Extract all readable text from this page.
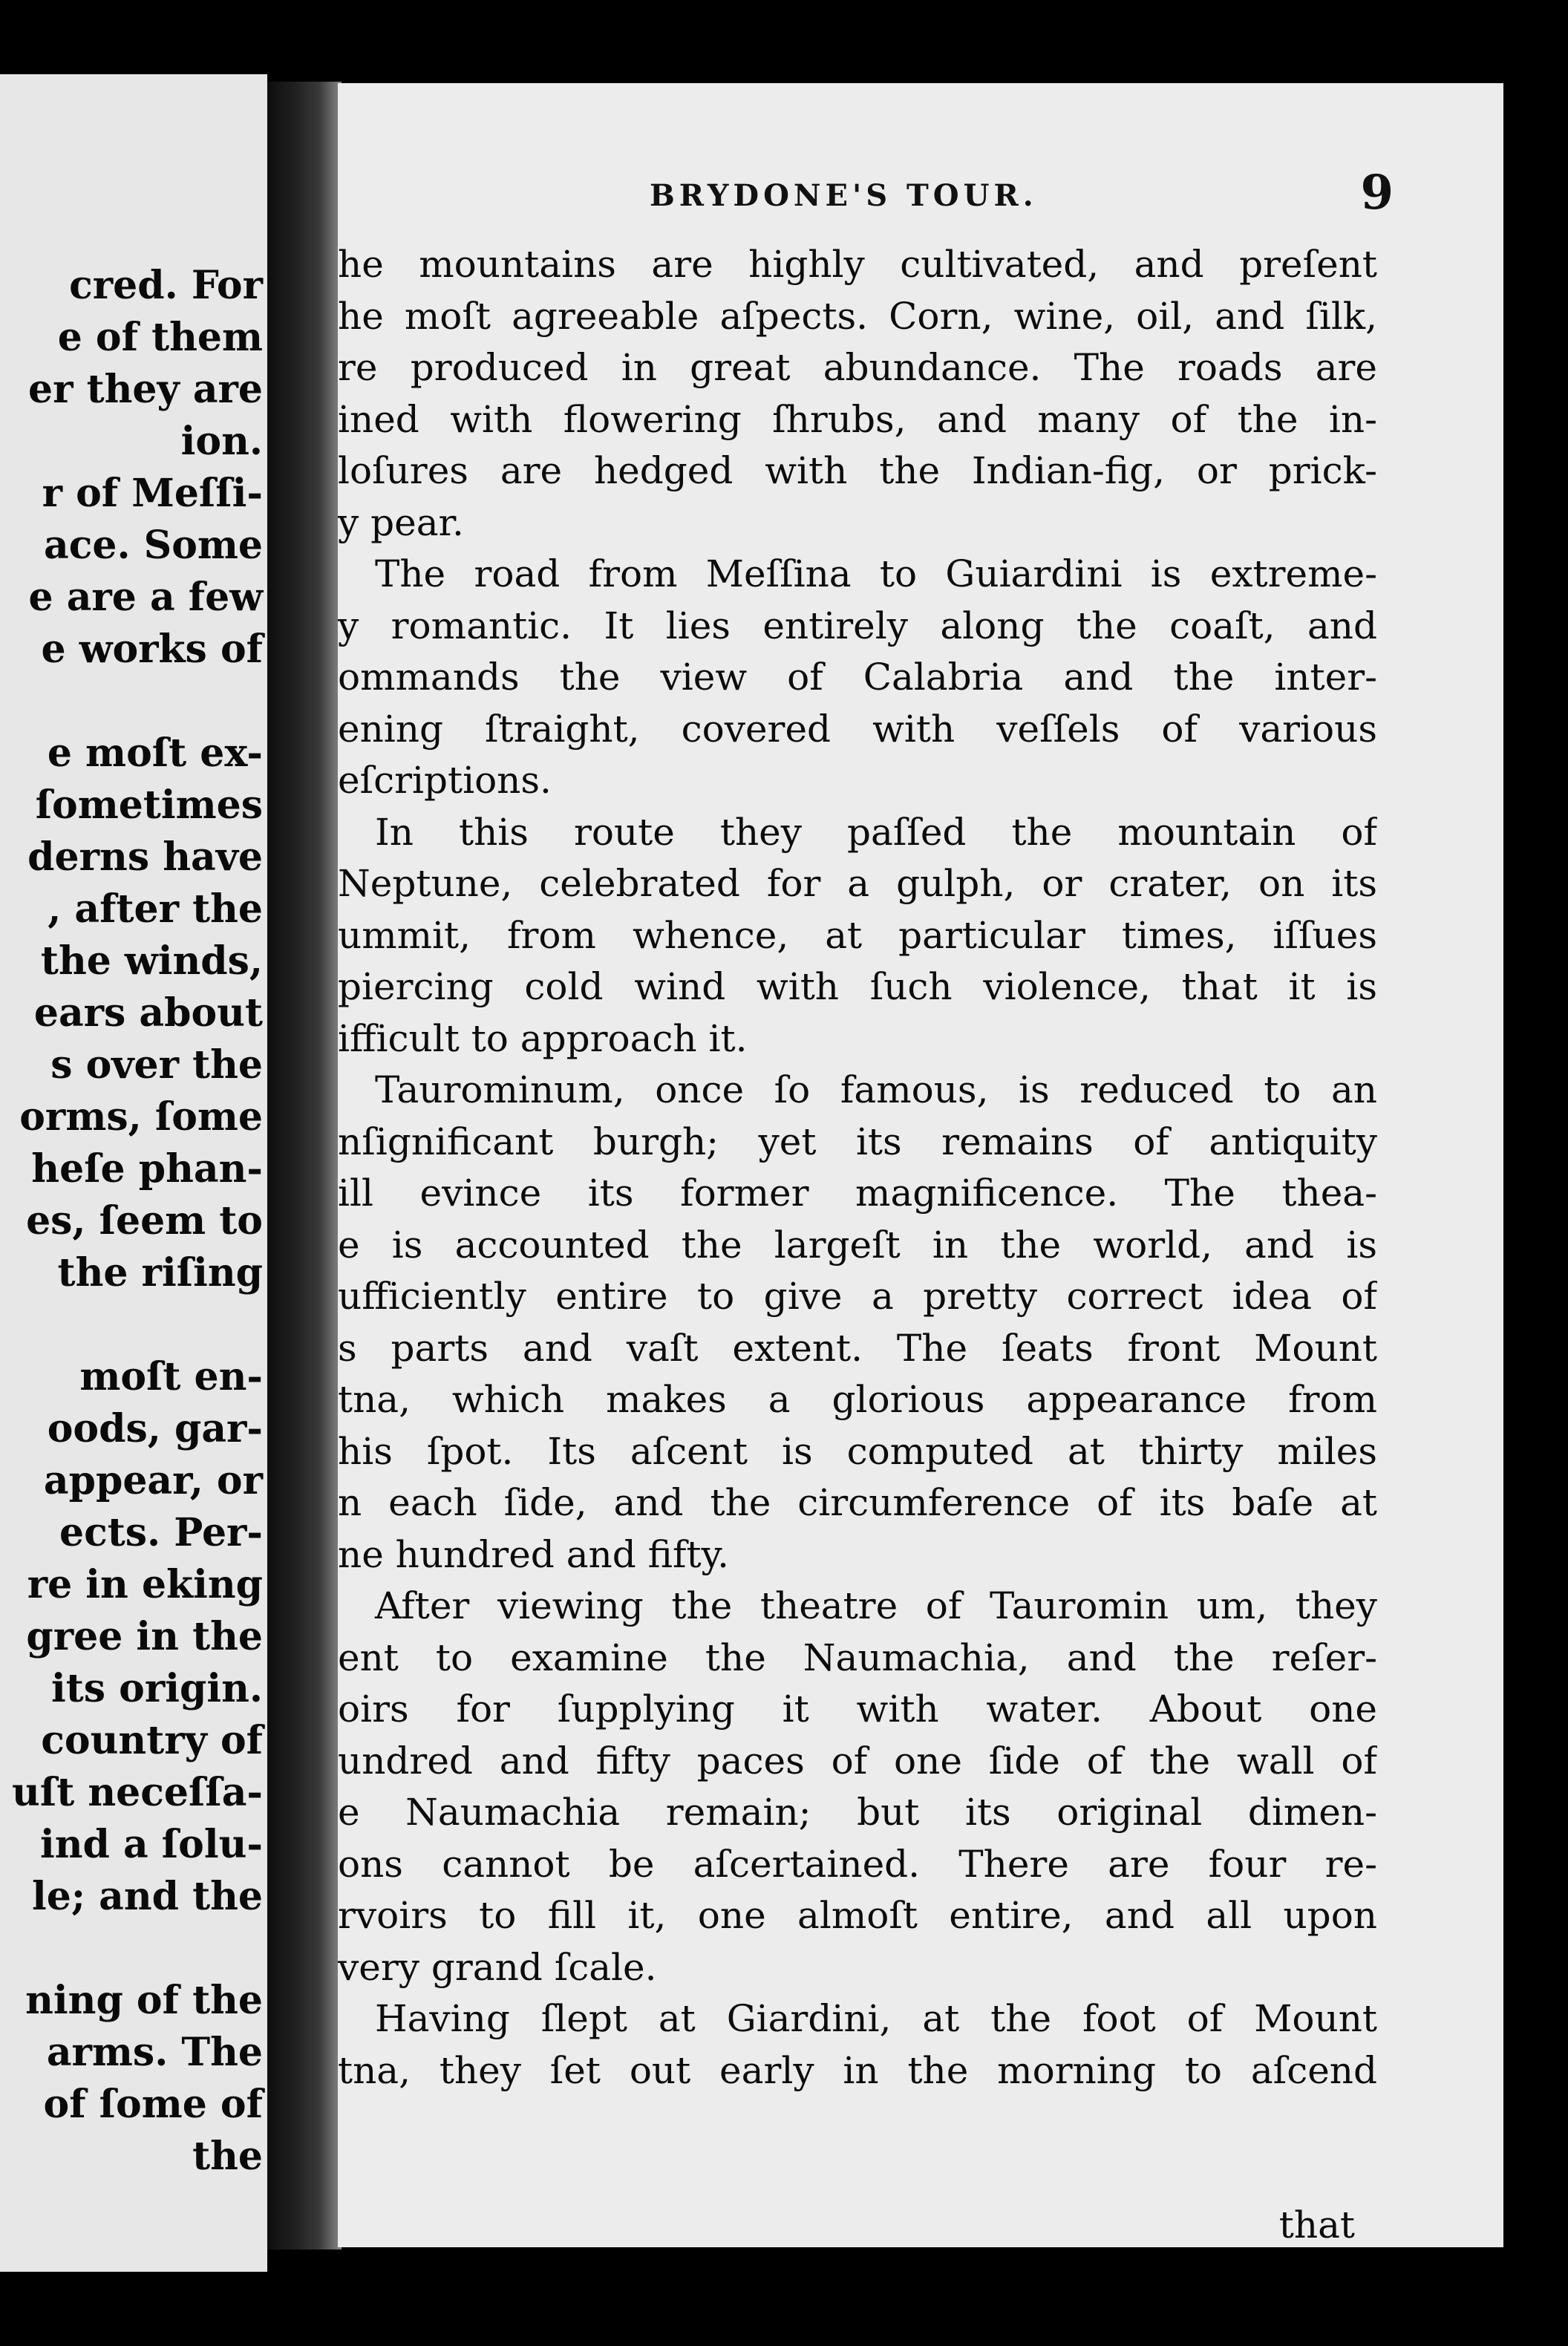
cred. For
e of them
er they are
ion.
r of Meſſi-
ace. Some
e are a few
e works of
e moſt ex-
ſometimes
derns have
, after the
the winds,
ears about
s over the
orms, ſome
heſe phan-
es, ſeem to
the riſing
moſt en-
oods, gar-
appear, or
ects. Per-
re in eking
gree in the
its origin.
country of
uſt neceſſa-
ind a ſolu-
le; and the
ning of the
arms. The
of ſome of
the
BRYDONE'S TOUR.	9
he mountains are highly cultivated, and preſent
he moſt agreeable aſpects. Corn, wine, oil, and ſilk,
re produced in great abundance. The roads are
ined with flowering ſhrubs, and many of the in-
loſures are hedged with the Indian-fig, or prick-
y pear.
The road from Meſſina to Guiardini is extreme-
y romantic. It lies entirely along the coaſt, and
ommands the view of Calabria and the inter-
ening ſtraight, covered with veſſels of various
eſcriptions.
In this route they paſſed the mountain of
Neptune, celebrated for a gulph, or crater, on its
ummit, from whence, at particular times, iſſues
piercing cold wind with ſuch violence, that it is
ifficult to approach it.
Taurominum, once ſo famous, is reduced to an
nſignificant burgh; yet its remains of antiquity
ill evince its former magnificence. The thea-
e is accounted the largeſt in the world, and is
ufficiently entire to give a pretty correct idea of
s parts and vaſt extent. The ſeats front Mount
tna, which makes a glorious appearance from
his ſpot. Its aſcent is computed at thirty miles
n each ſide, and the circumference of its baſe at
ne hundred and fifty.
After viewing the theatre of Tauromin um, they
ent to examine the Naumachia, and the reſer-
oirs for ſupplying it with water. About one
undred and fifty paces of one ſide of the wall of
e Naumachia remain; but its original dimen-
ons cannot be aſcertained. There are four re-
rvoirs to fill it, one almoſt entire, and all upon
very grand ſcale.
Having ſlept at Giardini, at the foot of Mount
tna, they ſet out early in the morning to aſcend
that
